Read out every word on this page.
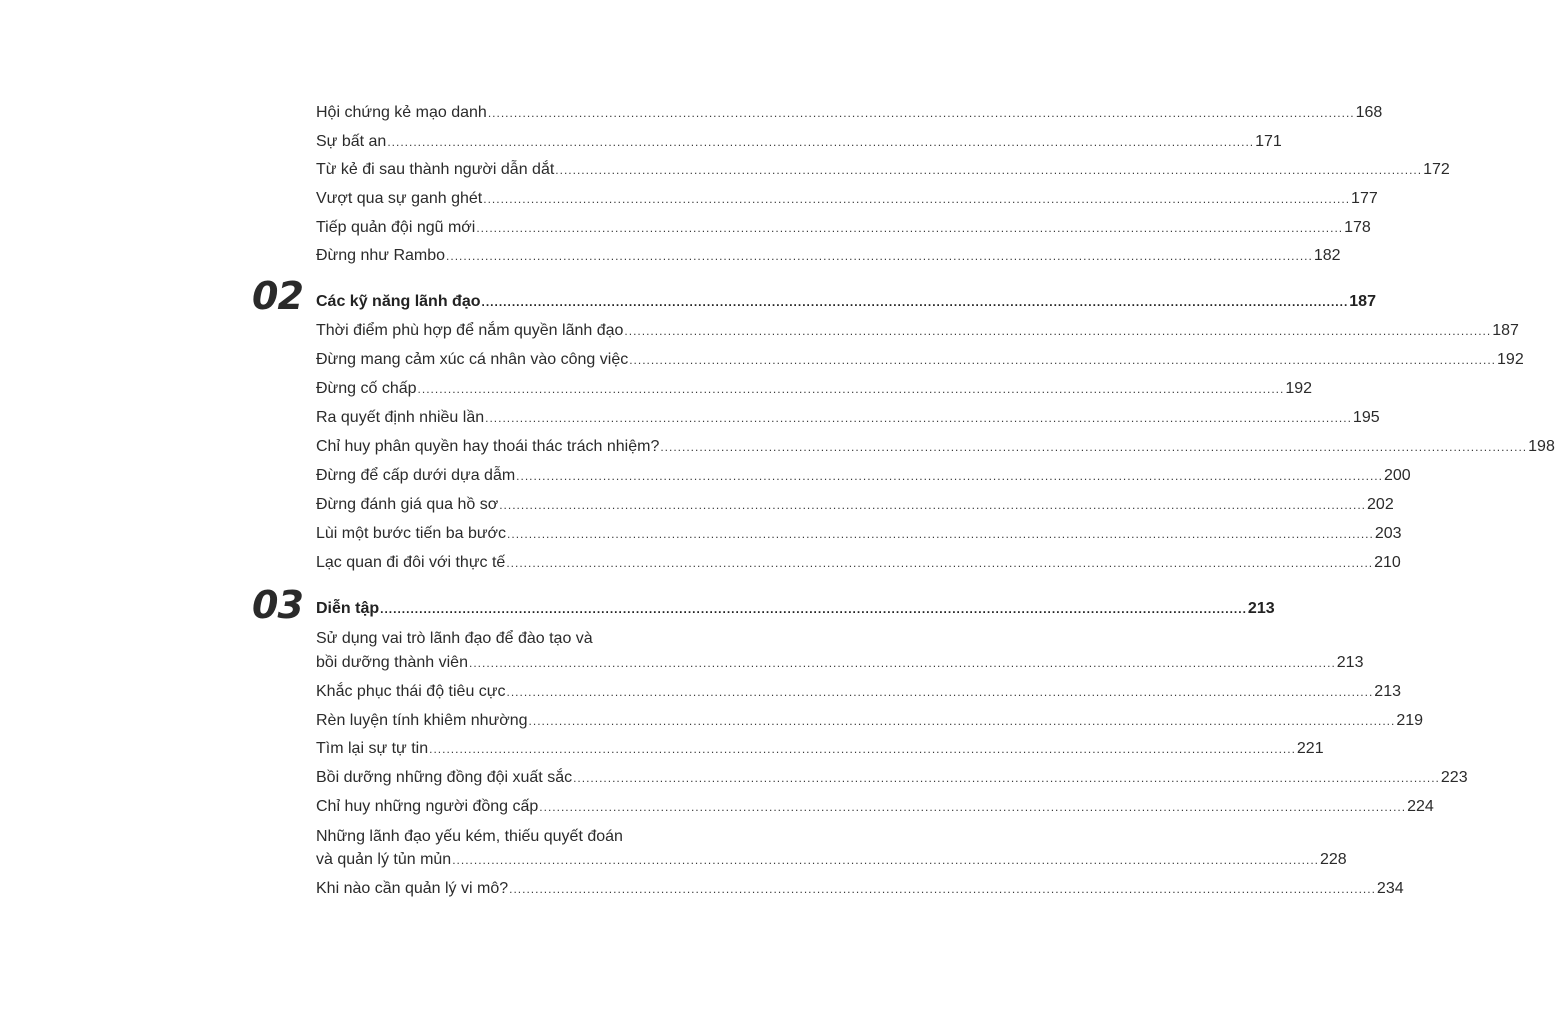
02
03
Hội chứng kẻ mạo danh ........................................................................................................................................................................................................ 168
Sự bất an ........................................................................................................................................................................................................ 171
Từ kẻ đi sau thành người dẫn dắt ........................................................................................................................................................................................................ 172
Vượt qua sự ganh ghét ........................................................................................................................................................................................................ 177
Tiếp quản đội ngũ mới ........................................................................................................................................................................................................ 178
Đừng như Rambo ........................................................................................................................................................................................................ 182
Các kỹ năng lãnh đạo ........................................................................................................................................................................................................ 187
Thời điểm phù hợp để nắm quyền lãnh đạo ........................................................................................................................................................................................................ 187
Đừng mang cảm xúc cá nhân vào công việc ........................................................................................................................................................................................................ 192
Đừng cố chấp ........................................................................................................................................................................................................ 192
Ra quyết định nhiều lần ........................................................................................................................................................................................................ 195
Chỉ huy phân quyền hay thoái thác trách nhiệm? ........................................................................................................................................................................................................ 198
Đừng để cấp dưới dựa dẫm ........................................................................................................................................................................................................ 200
Đừng đánh giá qua hồ sơ ........................................................................................................................................................................................................ 202
Lùi một bước tiến ba bước ........................................................................................................................................................................................................ 203
Lạc quan đi đôi với thực tế ........................................................................................................................................................................................................ 210
Diễn tập ........................................................................................................................................................................................................ 213
Sử dụng vai trò lãnh đạo để đào tạo và
bồi dưỡng thành viên ........................................................................................................................................................................................................ 213
Khắc phục thái độ tiêu cực ........................................................................................................................................................................................................ 213
Rèn luyện tính khiêm nhường ........................................................................................................................................................................................................ 219
Tìm lại sự tự tin ........................................................................................................................................................................................................ 221
Bồi dưỡng những đồng đội xuất sắc ........................................................................................................................................................................................................ 223
Chỉ huy những người đồng cấp ........................................................................................................................................................................................................ 224
Những lãnh đạo yếu kém, thiếu quyết đoán
và quản lý tủn mủn ........................................................................................................................................................................................................ 228
Khi nào cần quản lý vi mô? ........................................................................................................................................................................................................ 234
